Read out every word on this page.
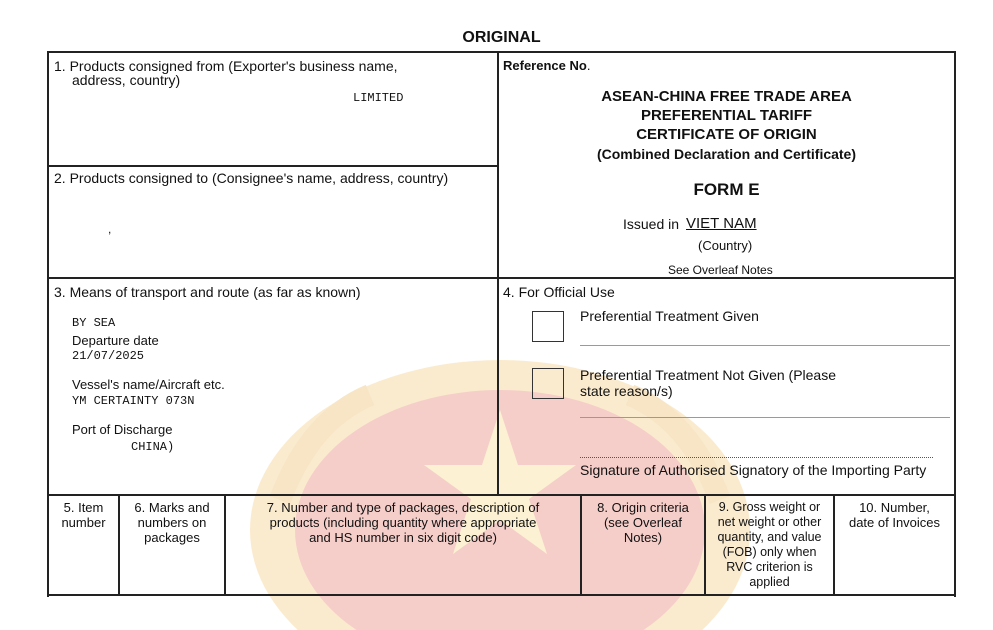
ORIGINAL
1. Products consigned from (Exporter's business name,
address, country)
LIMITED
2. Products consigned to (Consignee's name, address, country)
,
3. Means of transport and route (as far as known)
BY SEA
Departure date
21/07/2025
Vessel's name/Aircraft etc.
YM CERTAINTY 073N
Port of Discharge
CHINA)
Reference No.
ASEAN-CHINA FREE TRADE AREA
PREFERENTIAL TARIFF
CERTIFICATE OF ORIGIN
(Combined Declaration and Certificate)
FORM E
Issued in VIET NAM
(Country)
See Overleaf Notes
4. For Official Use
Preferential Treatment Given
Preferential Treatment Not Given (Please
state reason/s)
Signature of Authorised Signatory of the Importing Party
5. Item
number
6. Marks and
numbers on
packages
7. Number and type of packages, description of
products (including quantity where appropriate
and HS number in six digit code)
8. Origin criteria
(see Overleaf
Notes)
9. Gross weight or
net weight or other
quantity, and value
(FOB) only when
RVC criterion is
applied
10. Number,
date of Invoices
